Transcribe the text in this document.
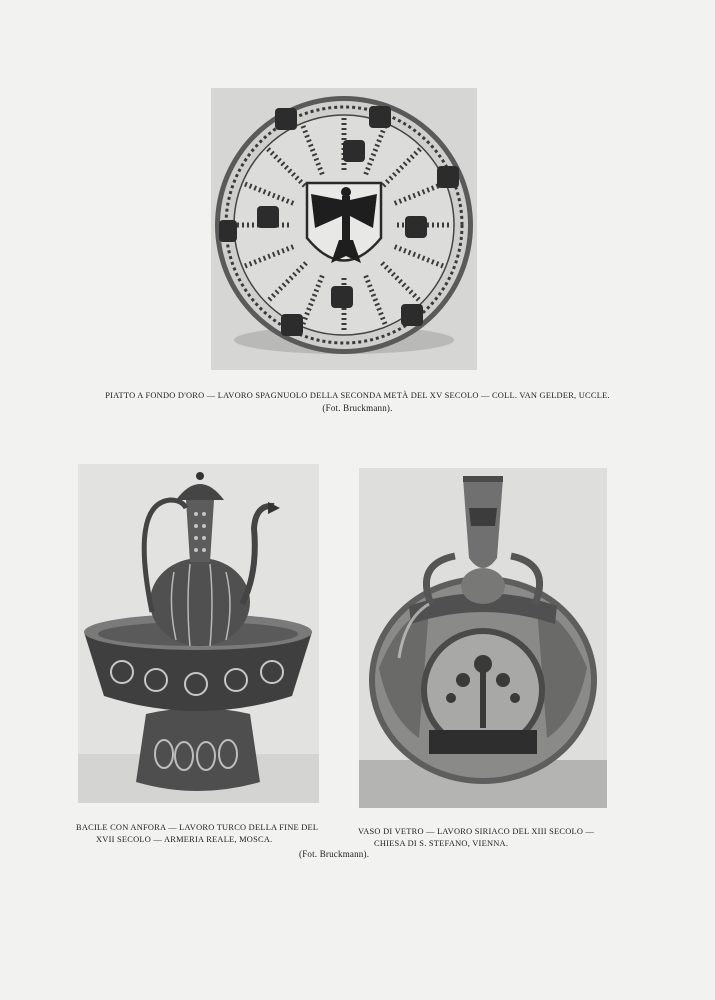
PIATTO A FONDO D'ORO — LAVORO SPAGNUOLO DELLA SECONDA METÀ DEL XV SECOLO — COLL. VAN GELDER, UCCLE.
(Fot. Bruckmann).
BACILE CON ANFORA — LAVORO TURCO DELLA FINE DEL
XVII SECOLO — ARMERIA REALE, MOSCA.
VASO DI VETRO — LAVORO SIRIACO DEL XIII SECOLO —
CHIESA DI S. STEFANO, VIENNA.
(Fot. Bruckmann).
